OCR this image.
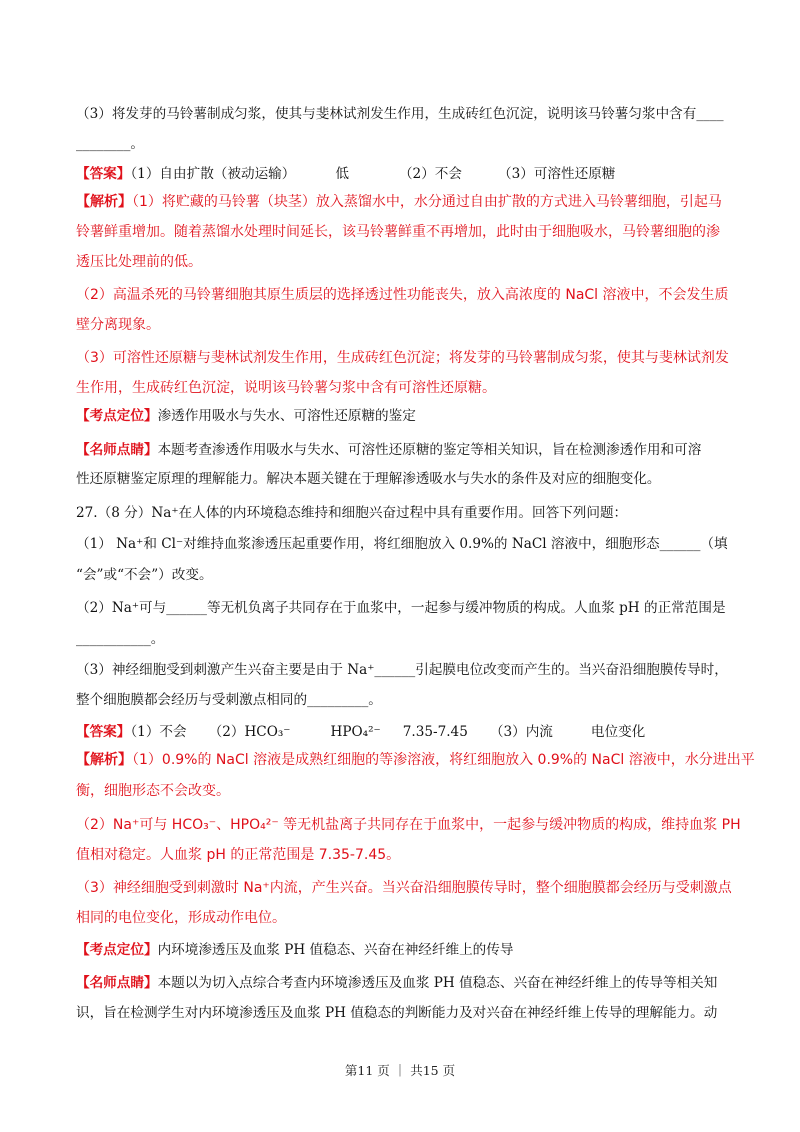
（3）将发芽的马铃薯制成匀浆，使其与斐林试剂发生作用，生成砖红色沉淀，说明该马铃薯匀浆中含有____
________。
【答案】（1）自由扩散（被动运输）	低	（2）不会	（3）可溶性还原糖
【解析】（1）将贮藏的马铃薯（块茎）放入蒸馏水中，水分通过自由扩散的方式进入马铃薯细胞，引起马
铃薯鲜重增加。随着蒸馏水处理时间延长，该马铃薯鲜重不再增加，此时由于细胞吸水，马铃薯细胞的渗
透压比处理前的低。
（2）高温杀死的马铃薯细胞其原生质层的选择透过性功能丧失，放入高浓度的 NaCl 溶液中，不会发生质
壁分离现象。
（3）可溶性还原糖与斐林试剂发生作用，生成砖红色沉淀；将发芽的马铃薯制成匀浆，使其与斐林试剂发
生作用，生成砖红色沉淀，说明该马铃薯匀浆中含有可溶性还原糖。
【考点定位】渗透作用吸水与失水、可溶性还原糖的鉴定
【名师点睛】本题考查渗透作用吸水与失水、可溶性还原糖的鉴定等相关知识，旨在检测渗透作用和可溶
性还原糖鉴定原理的理解能力。解决本题关键在于理解渗透吸水与失水的条件及对应的细胞变化。
27.（8 分）Na⁺在人体的内环境稳态维持和细胞兴奋过程中具有重要作用。回答下列问题：
（1） Na⁺和 Cl⁻对维持血浆渗透压起重要作用，将红细胞放入 0.9%的 NaCl 溶液中，细胞形态______（填
“会”或“不会”）改变。
（2）Na⁺可与______等无机负离子共同存在于血浆中，一起参与缓冲物质的构成。人血浆 pH 的正常范围是
___________。
（3）神经细胞受到刺激产生兴奋主要是由于 Na⁺______引起膜电位改变而产生的。当兴奋沿细胞膜传导时，
整个细胞膜都会经历与受刺激点相同的_________。
【答案】（1）不会 （2）HCO₃⁻	HPO₄²⁻ 7.35-7.45 （3）内流	电位变化
【解析】（1）0.9%的 NaCl 溶液是成熟红细胞的等渗溶液，将红细胞放入 0.9%的 NaCl 溶液中，水分进出平
衡，细胞形态不会改变。
（2）Na⁺可与 HCO₃⁻、HPO₄²⁻ 等无机盐离子共同存在于血浆中，一起参与缓冲物质的构成，维持血浆 PH
值相对稳定。人血浆 pH 的正常范围是 7.35-7.45。
（3）神经细胞受到刺激时 Na⁺内流，产生兴奋。当兴奋沿细胞膜传导时，整个细胞膜都会经历与受刺激点
相同的电位变化，形成动作电位。
【考点定位】内环境渗透压及血浆 PH 值稳态、兴奋在神经纤维上的传导
【名师点睛】本题以为切入点综合考查内环境渗透压及血浆 PH 值稳态、兴奋在神经纤维上的传导等相关知
识，旨在检测学生对内环境渗透压及血浆 PH 值稳态的判断能力及对兴奋在神经纤维上传导的理解能力。动
第11 页 ｜ 共15 页
